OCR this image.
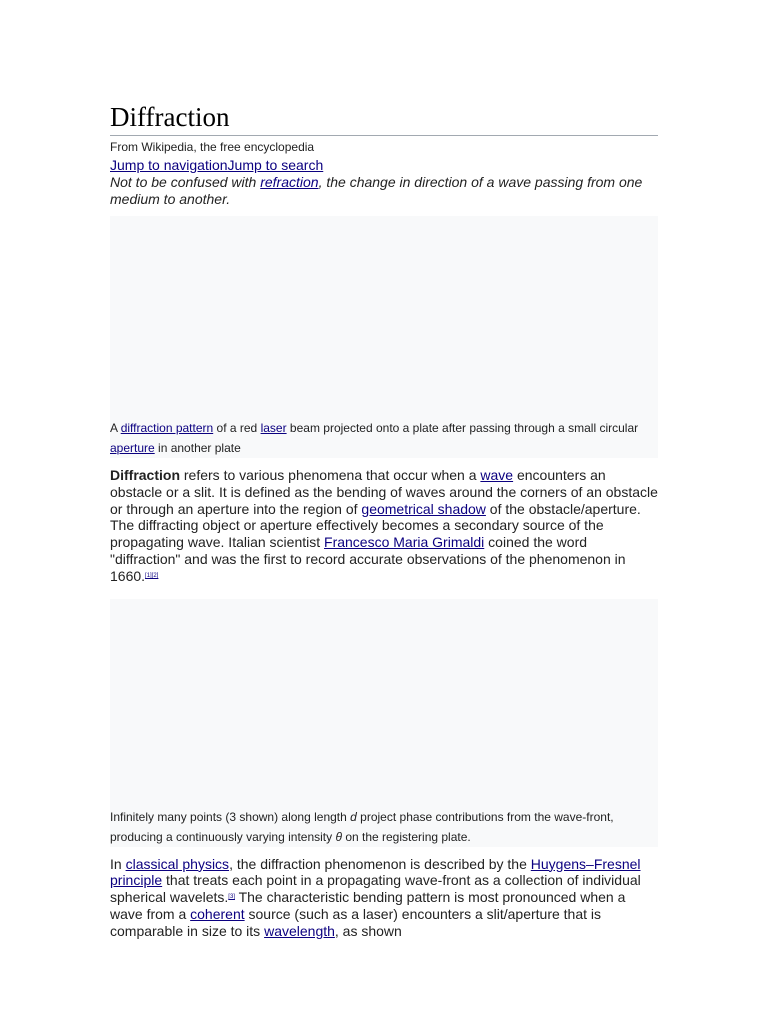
Diffraction
From Wikipedia, the free encyclopedia
Jump to navigationJump to search
Not to be confused with refraction, the change in direction of a wave passing from one medium to another.
A diffraction pattern of a red laser beam projected onto a plate after passing through a small circular aperture in another plate

Diffraction refers to various phenomena that occur when a wave encounters an obstacle or a slit. It is defined as the bending of waves around the corners of an obstacle or through an aperture into the region of geometrical shadow of the obstacle/aperture. The diffracting object or aperture effectively becomes a secondary source of the propagating wave. Italian scientist Francesco Maria Grimaldi coined the word "diffraction" and was the first to record accurate observations of the phenomenon in 1660.[1][2]

Infinitely many points (3 shown) along length d project phase contributions from the wave-front, producing a continuously varying intensity θ on the registering plate.

In classical physics, the diffraction phenomenon is described by the Huygens–Fresnel principle that treats each point in a propagating wave-front as a collection of individual spherical wavelets.[3] The characteristic bending pattern is most pronounced when a wave from a coherent source (such as a laser) encounters a slit/aperture that is comparable in size to its wavelength, as shown
